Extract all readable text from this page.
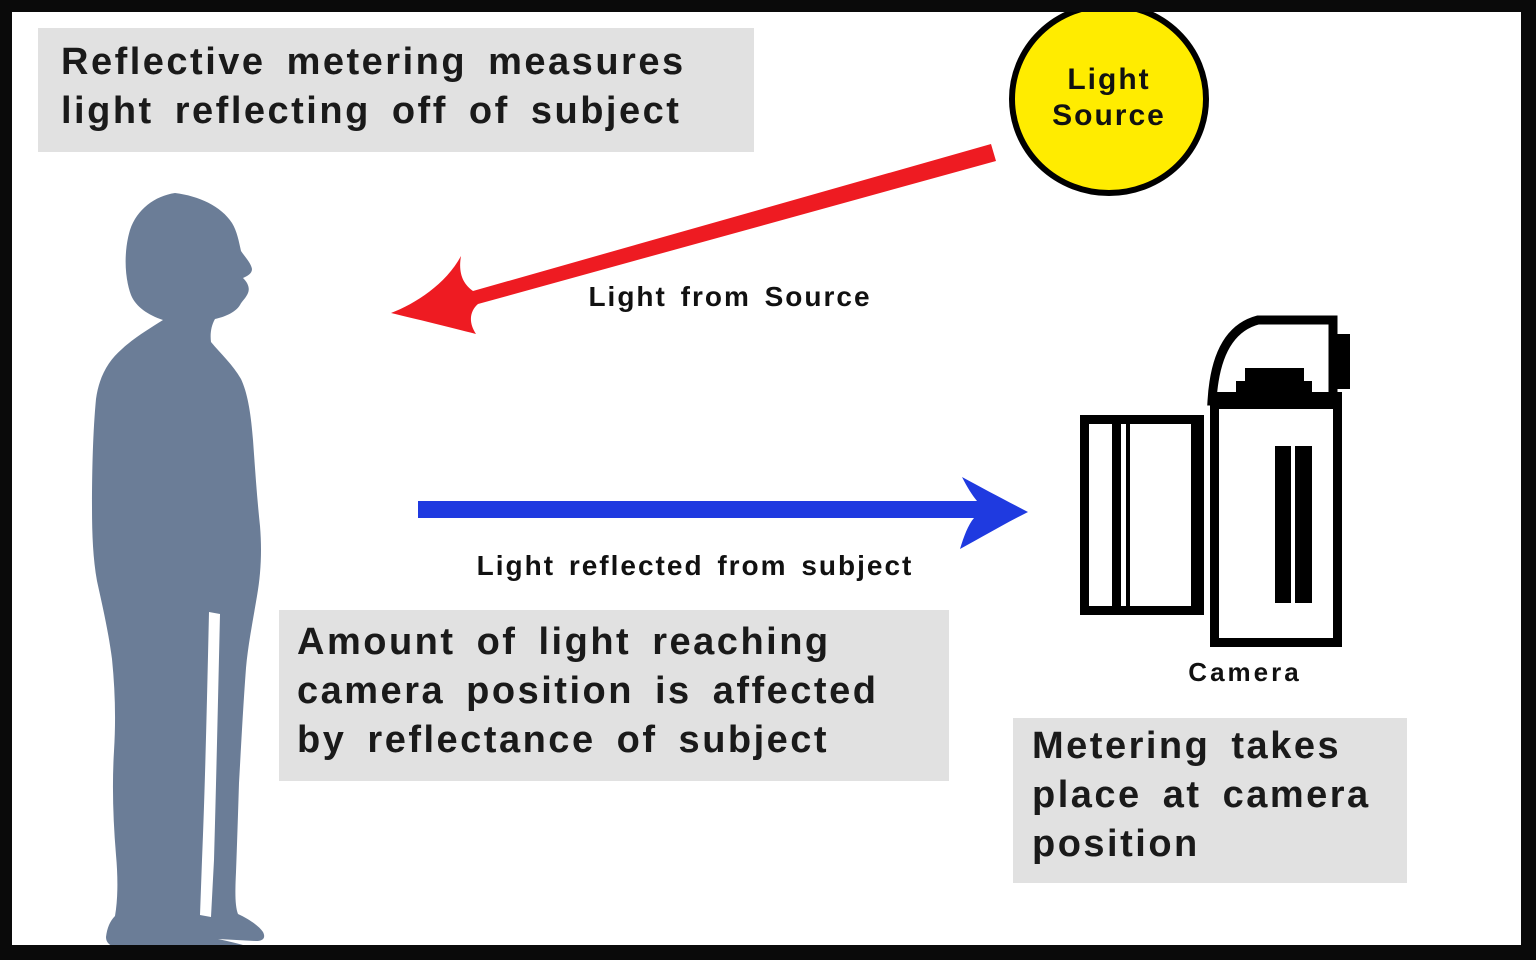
Reflective metering measures
light reflecting off of subject
Amount of light reaching
camera position is affected
by reflectance of subject	Metering takes
place at camera
position
Light
Source
Light from Source
Light reflected from subject
Camera
